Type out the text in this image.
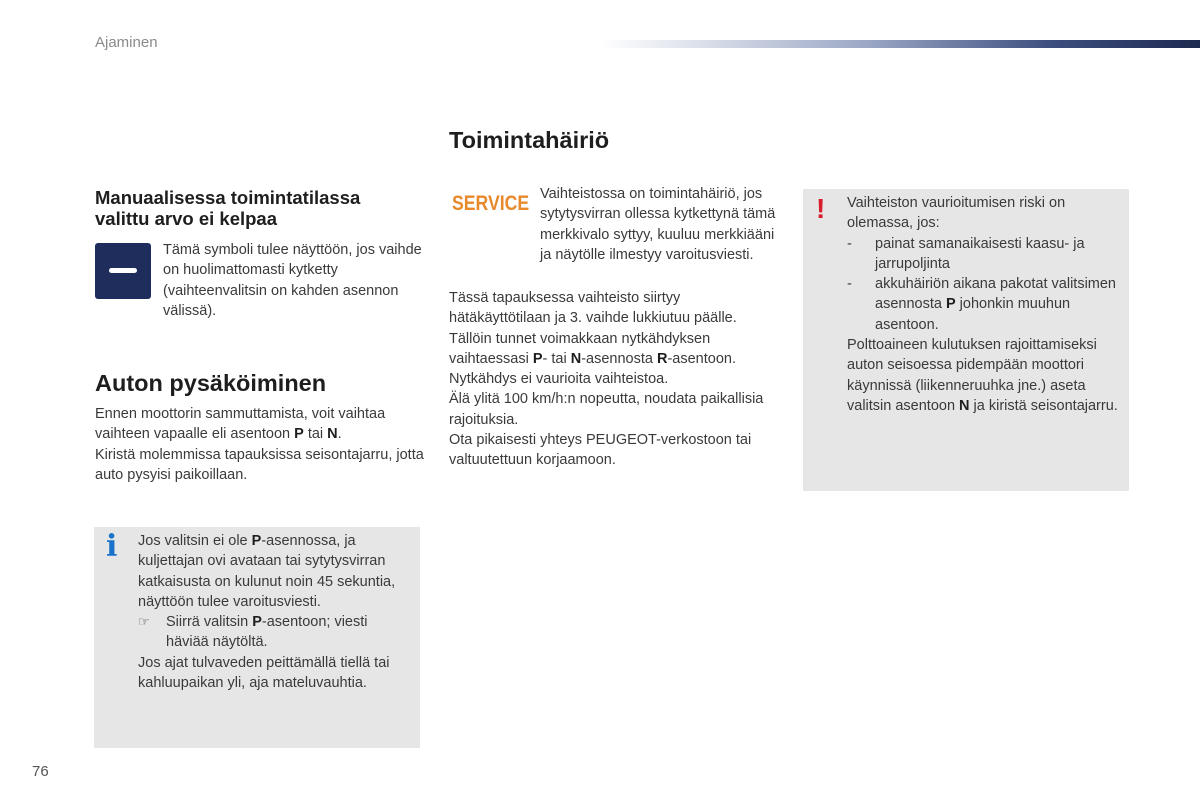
Ajaminen
Manuaalisessa toimintatilassa valittu arvo ei kelpaa
Tämä symboli tulee näyttöön, jos vaihde on huolimattomasti kytketty (vaihteenvalitsin on kahden asennon välissä).
Auton pysäköiminen

Ennen moottorin sammuttamista, voit vaihtaa vaihteen vapaalle eli asentoon P tai N.

Kiristä molemmissa tapauksissa seisontajarru, jotta auto pysyisi paikoillaan.

i Jos valitsin ei ole P-asennossa, ja kuljettajan ovi avataan tai sytytysvirran katkaisusta on kulunut noin 45 sekuntia, näyttöön tulee varoitusviesti.

☞ Siirrä valitsin P-asentoon; viesti häviää näytöltä.

Jos ajat tulvaveden peittämällä tiellä tai kahluupaikan yli, aja mateluvauhtia.

Toimintahäiriö
SERVICE Vaihteistossa on toimintahäiriö, jos sytytysvirran ollessa kytkettynä tämä merkkivalo syttyy, kuuluu merkkiääni ja näytölle ilmestyy varoitusviesti.

Tässä tapauksessa vaihteisto siirtyy hätäkäyttötilaan ja 3. vaihde lukkiutuu päälle.

Tällöin tunnet voimakkaan nytkähdyksen vaihtaessasi P- tai N-asennosta R-asentoon.

Nytkähdys ei vaurioita vaihteistoa.

Älä ylitä 100 km/h:n nopeutta, noudata paikallisia rajoituksia.

Ota pikaisesti yhteys PEUGEOT-verkostoon tai valtuutettuun korjaamoon.

! Vaihteiston vaurioitumisen riski on olemassa, jos:

- painat samanaikaisesti kaasu- ja jarrupoljinta
- akkuhäiriön aikana pakotat valitsimen asennosta P johonkin muuhun asentoon.

Polttoaineen kulutuksen rajoittamiseksi auton seisoessa pidempään moottori käynnissä (liikenneruuhka jne.) aseta valitsin asentoon N ja kiristä seisontajarru.

76
